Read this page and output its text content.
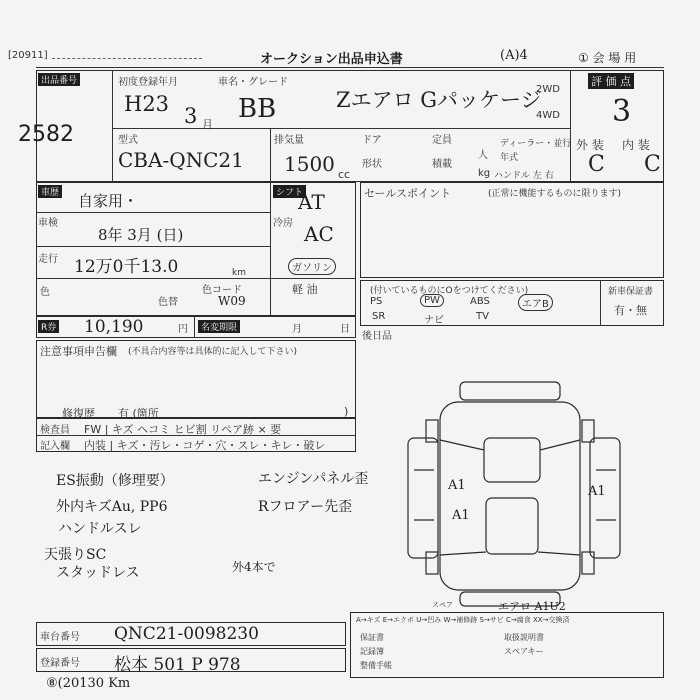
[20911]	オークション出品申込書	(A)4	① 会 場 用
出品番号
2582
初度登録年月	車名・グレード
H23 3 月
BB	Zエアロ Gパッケージ
2WD
4WD
評 価 点
3
外 装 内 装
C C
型式
CBA-QNC21
排気量
1500 cc
ドア	定員	ディーラー・並行
形状	積載
人
kg
年式
ハンドル 左 右
車歴 自家用・
車検
8年 3月 (日)
走行 12万0千13.0	km
色
色替
色コード
W09
シフト
AT
冷房 AC
ガソリン
軽 油
R券 10,190	円	名変期限	月	日
セールスポイント	(正常に機能するものに限ります)
(付いているものにOをつけてください)
PS	PW	ABS	エアB
SR	ナビ	TV
新車保証書
有・無
後日品
注意事項申告欄 (不具合内容等は具体的に記入して下さい)
修復歴 有 (箇所	)
検査員
記入欄
FW | キズ ヘコミ ヒビ割 リペア跡 × 要
内装 | キズ・汚レ・コゲ・穴・スレ・キレ・破レ
ES振動（修理要）
外内キズAu, PP6
ハンドルスレ
天張りSC
スタッドレス
エンジンパネル歪
Rフロアー先歪
外4本で
A1
A1
A1
スペア	エアロ A1U2
車台番号 QNC21-0098230
登録番号 松本 501 P 978
⑧(20130 Km
A→キズ E→エクボ U→凹み W→補修跡 S→サビ C→腐食 XX→交換済
保証書	取扱説明書
記録簿	スペアキー
整備手帳
